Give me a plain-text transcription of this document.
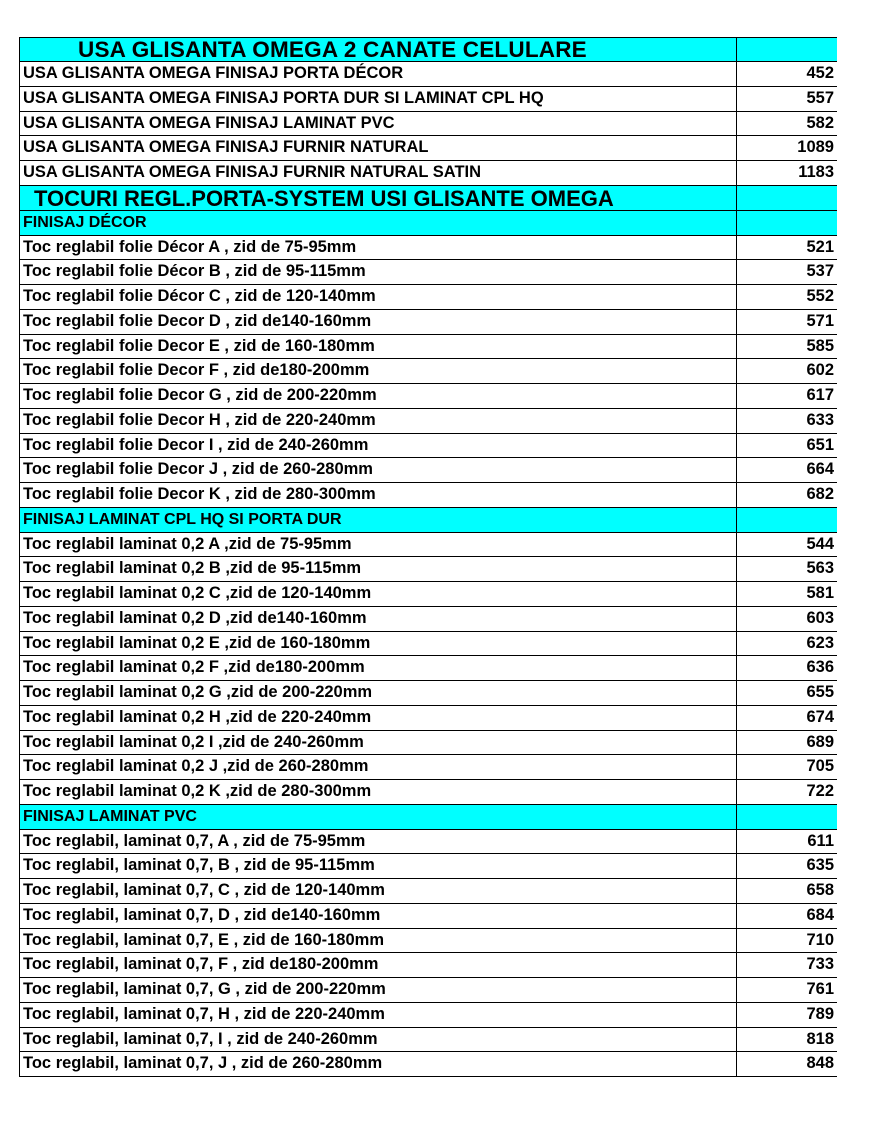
USA GLISANTA OMEGA 2 CANATE CELULARE
USA GLISANTA OMEGA FINISAJ PORTA DÉCOR	452
USA GLISANTA OMEGA FINISAJ PORTA DUR SI LAMINAT CPL HQ	557
USA GLISANTA OMEGA FINISAJ LAMINAT PVC	582
USA GLISANTA OMEGA FINISAJ FURNIR NATURAL	1089
USA GLISANTA OMEGA FINISAJ FURNIR NATURAL SATIN	1183
TOCURI REGL.PORTA-SYSTEM USI GLISANTE OMEGA
FINISAJ DÉCOR
Toc reglabil folie Décor A , zid de 75-95mm	521
Toc reglabil folie Décor B , zid de 95-115mm	537
Toc reglabil folie Décor C , zid de 120-140mm	552
Toc reglabil folie Decor D , zid de140-160mm	571
Toc reglabil folie Decor E , zid de 160-180mm	585
Toc reglabil folie Decor F , zid de180-200mm	602
Toc reglabil folie Decor G , zid de 200-220mm	617
Toc reglabil folie Decor H , zid de 220-240mm	633
Toc reglabil folie Decor I , zid de 240-260mm	651
Toc reglabil folie Decor J , zid de 260-280mm	664
Toc reglabil folie Decor K , zid de 280-300mm	682
FINISAJ LAMINAT CPL HQ SI PORTA DUR
Toc reglabil laminat 0,2 A ,zid de 75-95mm	544
Toc reglabil laminat 0,2 B ,zid de 95-115mm	563
Toc reglabil laminat 0,2 C ,zid de 120-140mm	581
Toc reglabil laminat 0,2 D ,zid de140-160mm	603
Toc reglabil laminat 0,2 E ,zid de 160-180mm	623
Toc reglabil laminat 0,2 F ,zid de180-200mm	636
Toc reglabil laminat 0,2 G ,zid de 200-220mm	655
Toc reglabil laminat 0,2 H ,zid de 220-240mm	674
Toc reglabil laminat 0,2 I ,zid de 240-260mm	689
Toc reglabil laminat 0,2 J ,zid de 260-280mm	705
Toc reglabil laminat 0,2 K ,zid de 280-300mm	722
FINISAJ LAMINAT PVC
Toc reglabil, laminat 0,7, A , zid de 75-95mm	611
Toc reglabil, laminat 0,7, B , zid de 95-115mm	635
Toc reglabil, laminat 0,7, C , zid de 120-140mm	658
Toc reglabil, laminat 0,7, D , zid de140-160mm	684
Toc reglabil, laminat 0,7, E , zid de 160-180mm	710
Toc reglabil, laminat 0,7, F , zid de180-200mm	733
Toc reglabil, laminat 0,7, G , zid de 200-220mm	761
Toc reglabil, laminat 0,7, H , zid de 220-240mm	789
Toc reglabil, laminat 0,7, I , zid de 240-260mm	818
Toc reglabil, laminat 0,7, J , zid de 260-280mm	848
